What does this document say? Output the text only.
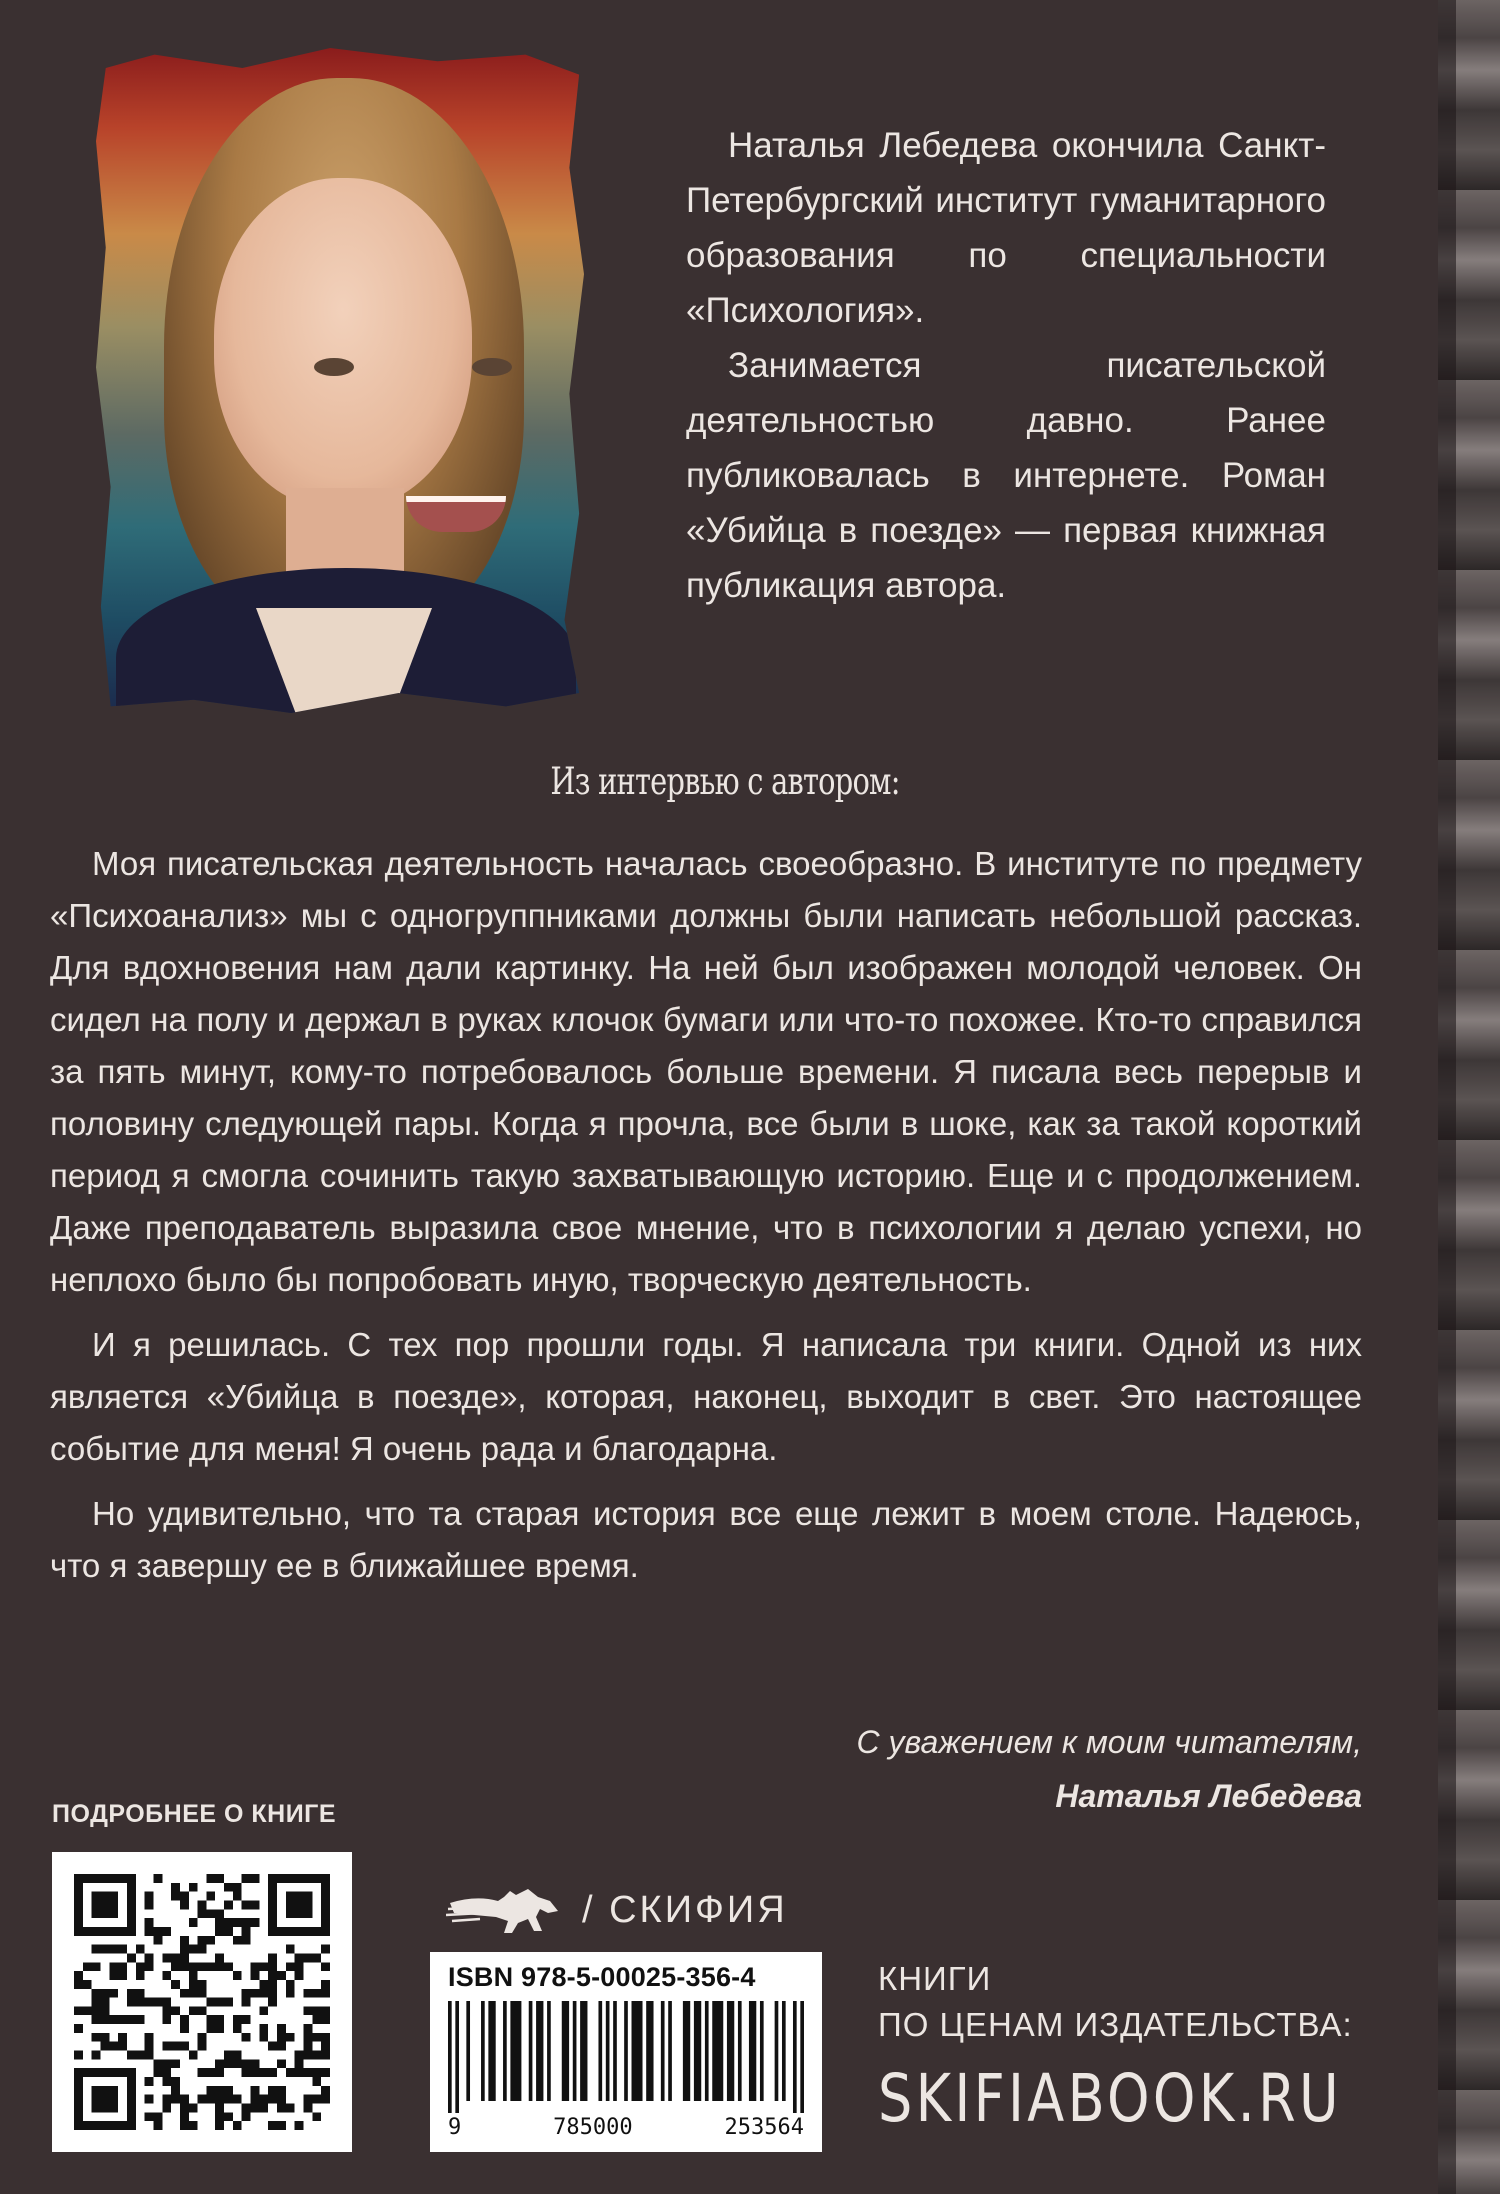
Наталья Лебедева окончила Санкт-Петербургский институт гуманитарного образования по специальности «Психология».

Занимается писательской деятельностью давно. Ранее публиковалась в интернете. Роман «Убийца в поезде» — первая книжная публикация автора.

Из интервью с автором:

Моя писательская деятельность началась своеобразно. В институте по предмету «Психоанализ» мы с одногруппниками должны были написать небольшой рассказ. Для вдохновения нам дали картинку. На ней был изображен молодой человек. Он сидел на полу и держал в руках клочок бумаги или что-то похожее. Кто-то справился за пять минут, кому-то потребовалось больше времени. Я писала весь перерыв и половину следующей пары. Когда я прочла, все были в шоке, как за такой короткий период я смогла сочинить такую захватывающую историю. Еще и с продолжением. Даже преподаватель выразила свое мнение, что в психологии я делаю успехи, но неплохо было бы попробовать иную, творческую деятельность.

И я решилась. С тех пор прошли годы. Я написала три книги. Одной из них является «Убийца в поезде», которая, наконец, выходит в свет. Это настоящее событие для меня! Я очень рада и благодарна.

Но удивительно, что та старая история все еще лежит в моем столе. Надеюсь, что я завершу ее в ближайшее время.

С уважением к моим читателям,
Наталья Лебедева
ПОДРОБНЕЕ О КНИГЕ
/ СКИФИЯ
ISBN 978-5-00025-356-4
9	785000	253564
КНИГИ
ПО ЦЕНАМ ИЗДАТЕЛЬСТВА:
SKIFIABOOK.RU
